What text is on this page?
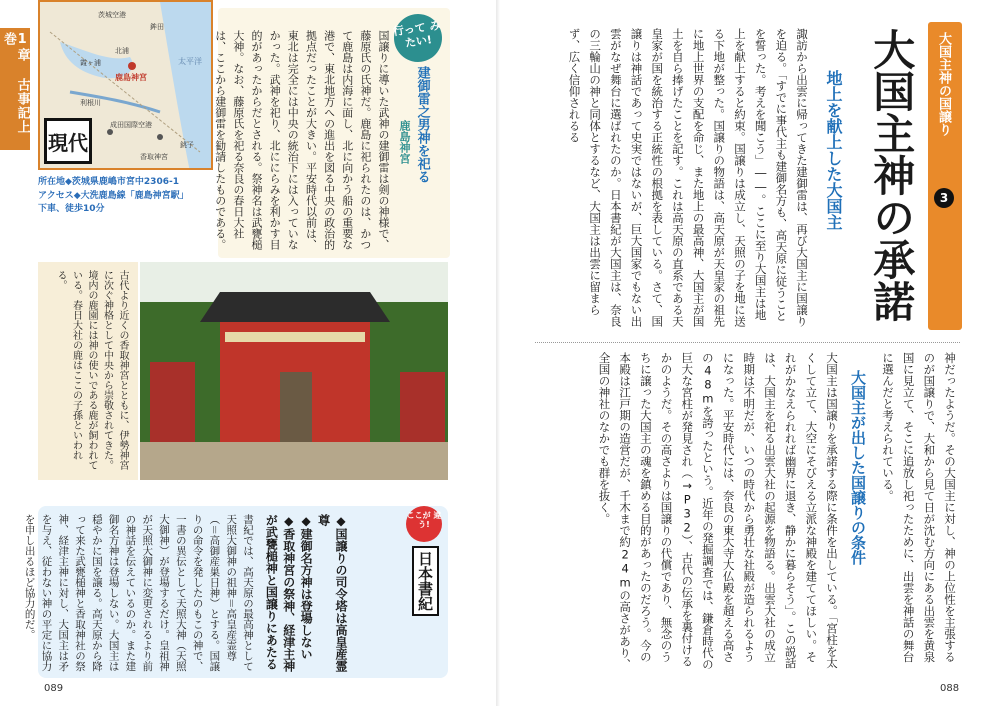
1章 古事記上巻
茨城空港
鉾田
北浦
鹿島神宮
太平洋
利根川
成田国際空港
香取神宮
銚子
霞ヶ浦
現代
所在地◆茨城県鹿嶋市宮中2306-1
アクセス◆大洗鹿島線「鹿島神宮駅」
下車、徒歩10分
行って みたい!
建御雷之男神を祀る
鹿島神宮
国譲りに導いた武神の建御雷は剣の神様で、藤原氏の氏神だ。鹿島に祀られたのは、かつて鹿島は内海に面し、北に向かう船の重要な港で、東北地方への進出を図る中央の政治的拠点だったことが大きい。平安時代以前は、東北は完全には中央の統治下には入っていなかった。武神を祀り、北ににらみを利かす目的があったからだとされる。祭神名は武甕槌大神。なお、藤原氏を祀る奈良の春日大社は、ここから建御雷を勧請したものである。
古代より近くの香取神宮とともに、伊勢神宮に次ぐ神格として中央から崇敬されてきた。境内の鹿園には神の使いである鹿が飼われている。春日大社の鹿はここの子孫といわれる。
ここが 違う!
日本書紀
◆国譲りの司令塔は高皇産霊尊
◆建御名方神は登場しない
◆香取神宮の祭神、経津主神が武甕槌神と国譲りにあたる
書紀では、高天原の最高神として天照大御神の祖神＝高皇産霊尊（＝高御産巣日神）とする。国譲りの命令を発したのもこの神で、一書の異伝として天照大神（天照大御神）が登場するだけ。皇祖神が天照大御神に変更されるより前の神話を伝えているのか。また建御名方神は登場しない。大国主は穏やかに国を譲る。高天原から降って来た武甕槌神と香取神社の祭神、経津主神に対し、大国主は矛を与え、従わない神の平定に協力を申し出るほど協力的だ。
089
大国主神の国譲り
3
大国主神の承諾
地上を献上した大国主
諏訪から出雲に帰ってきた建御雷は、再び大国主に国譲りを迫る。「すでに事代主も建御名方も、高天原に従うことを誓った。考えを聞こう」――。ここに至り大国主は地上を献上すると約束。国譲りは成立し、天照の子を地に送る下地が整った。国譲りの物語は、高天原が天皇家の祖先に地上世界の支配を命じ、また地上の最高神、大国主が国土を自ら捧げたことを記す。これは高天原の直系である天皇家が国を統治する正統性の根拠を表している。さて、国譲りは神話であって史実ではないが、巨大国家でもない出雲がなぜ舞台に選ばれたのか。日本書紀が大国主は、奈良の三輪山の神と同体とするなど、大国主は出雲に留まらず、広く信仰されるる
神だったようだ。その大国主に対し、神の上位性を主張するのが国譲りで、大和から見て日が沈む方向にある出雲を黄泉国に見立て、そこに追放し祀ったために、出雲を神話の舞台に選んだと考えられている。
大国主が出した国譲りの条件
大国主は国譲りを承諾する際に条件を出している。「宮柱を太くして立て、大空にそびえる立派な神殿を建ててほしい。それがかなえられれば幽界に退き、静かに暮らそう」。この説話は、大国主を祀る出雲大社の起源を物語る。出雲大社の成立時期は不明だが、いつの時代から勇壮な社殿が造られるようになった。平安時代には、奈良の東大寺大仏殿を超える高さの48mを誇ったという。近年の発掘調査では、鎌倉時代の巨大な宮柱が発見され（→P32）、古代の伝承を裏付けるかのようだ。その高さよりは国譲りの代償であり、無念のうちに譲った大国主の魂を鎮める目的があったのだろう。今の本殿は江戸期の造営だが、千木まで約24mの高さがあり、全国の神社のなかでも群を抜く。
088
